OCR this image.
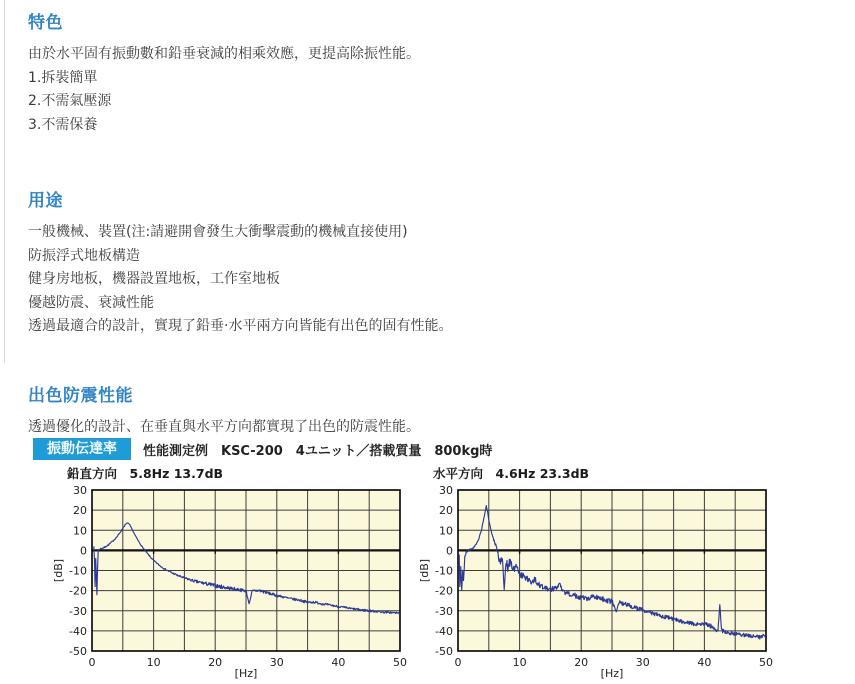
特色

由於水平固有振動數和鉛垂衰減的相乘效應，更提高除振性能。

1.拆裝簡單

2.不需氣壓源

3.不需保養

用途

一般機械、裝置(注:請避開會發生大衝擊震動的機械直接使用)

防振浮式地板構造

健身房地板，機器設置地板，工作室地板

優越防震、衰減性能

透過最適合的設計，實現了鉛垂·水平兩方向皆能有出色的固有性能。

出色防震性能

透過優化的設計、在垂直與水平方向都實現了出色的防震性能。

振動伝達率	性能測定例　KSC-200　4ユニット／搭載質量　800kg時
30
20
10
0
-10
-20
-30
-40
-50
0	10	20	30	40	50
[Hz]
[dB]
鉛直方向　5.8Hz 13.7dB
30
20
10
0
-10
-20
-30
-40
-50
0	10	20	30	40	50
[Hz]
[dB]
水平方向　4.6Hz 23.3dB
